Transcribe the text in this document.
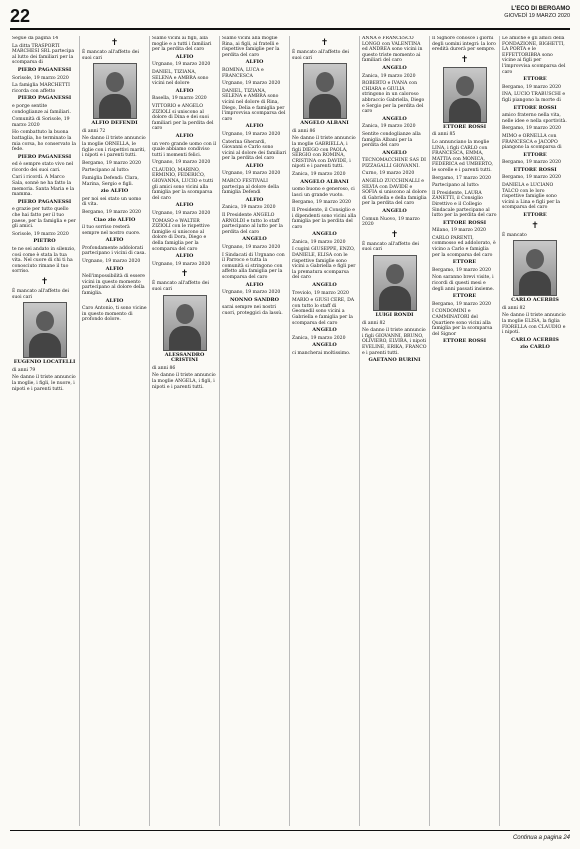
22	L'ECO DI BERGAMO
GIOVEDÌ 19 MARZO 2020

Segue da pagina 14

La ditta TRASPORTI MARCHESI SRL partecipa al lutto dei familiari per la scomparsa di

PIERO PAGANESSI

Sorisole, 19 marzo 2020

La famiglia MARCHETTI ricorda con affetto

PIERO PAGANESSI

e porge sentite condoglianze ai familiari.

Comunità di Sorisole, 19 marzo 2020

Ho combattuto la buona battaglia, ho terminato la mia corsa, ho conservato la fede.

PIERO PAGANESSI

ed è sempre stato vivo nel ricordo dei suoi cari.

Cari i ricordi. A Marco Sala, sonnè ne ha fatto la memoria. Santa Maria e la mamma.

PIERO PAGANESSI

e grazie per tutto quello che hai fatto per il tuo paese, per la famiglia e per gli amici.

Sorisole, 19 marzo 2020

PIETRO

te ne sei andato in silenzio, così come è stata la tua vita. Nel cuore di chi ti ha conosciuto rimane il tuo sorriso.

✝

È mancato all'affetto dei suoi cari

EUGENIO LOCATELLI

di anni 79

Ne danno il triste annuncio la moglie, i figli, le nuore, i nipoti e i parenti tutti.

✝

È mancato all'affetto dei suoi cari

ALFIO DEFENDI

di anni 72

Ne danno il triste annuncio la moglie ORNELLA, le figlie con i rispettivi mariti, i nipoti e i parenti tutti.

Bergamo, 19 marzo 2020

Partecipano al lutto:

Famiglia Defendi: Clara, Marina, Sergio e figli.

zio ALFIO

per noi sei stato un uomo di vita.

Bergamo, 19 marzo 2020

Ciao zio ALFIO

il tuo sorriso resterà sempre nel nostro cuore.

ALFIO

Profondamente addolorati partecipano i vicini di casa.

Urgnano, 19 marzo 2020

ALFIO

Nell'impossibilità di essere vicini in questo momento partecipano al dolore della famiglia.

ALFIO

Caro Antonio, ti sono vicine in questo momento di profondo dolore.

Siamo vicini ai figli, alla moglie e a tutti i familiari per la perdita del caro

ALFIO

Urgnano, 19 marzo 2020

DANIEL, TIZIANA, SELENA e AMBRA sono vicini nel dolore

ALFIO

Basella, 19 marzo 2020

VITTORIO e ANGELO ZIZIOLI si uniscono al dolore di Dina e dei suoi familiari per la perdita del caro

ALFIO

un vero grande uomo con il quale abbiamo condiviso tutti i momenti felici.

Urgnano, 19 marzo 2020

CLAUDIO, MARINO, ERMINIO, FEDERICO, GIOVANNA, LUCIO e tutti gli amici sono vicini alla famiglia per la scomparsa del caro

ALFIO

Urgnano, 19 marzo 2020

TOMASO e WALTER ZIZIOLI con le rispettive famiglie si uniscono al dolore di Dora, Diego e della famiglia per la scomparsa del caro

ALFIO

Urgnano, 19 marzo 2020

✝

È mancato all'affetto dei suoi cari

ALESSANDRO CRISTINI

di anni 86

Ne danno il triste annuncio la moglie ANGELA, i figli, i nipoti e i parenti tutti.

Siamo vicini alla moglie Rina, ai figli, ai fratelli e rispettive famiglie per la perdita del caro

ALFIO

ROMINA, LUCA e FRANCESCA

Urgnano, 19 marzo 2020

DANIEL, TIZIANA, SELENA e AMBRA sono vicini nel dolore di Rina, Diego, Delia e famiglia per l'improvvisa scomparsa del caro

ALFIO

Urgnano, 19 marzo 2020

Caterina Gherardi, Giovanni e Carlo sono vicini al dolore dei familiari per la perdita del caro

ALFIO

Urgnano, 19 marzo 2020

MARCO FESTIVALI partecipa al dolore della famiglia Defendi

ALFIO

Zanica, 19 marzo 2020

Il Presidente ANGELO ARNOLDI e tutto lo staff partecipano al lutto per la perdita del caro

ANGELO

Urgnano, 19 marzo 2020

I Sindacati di Urgnano con il Parroco e tutta la comunità si stringono con affetto alla famiglia per la scomparsa del caro

ALFIO

Urgnano, 19 marzo 2020

NONNO SANDRO

sarai sempre nei nostri cuori, proteggici da lassù.

✝

È mancato all'affetto dei suoi cari

ANGELO ALBANI

di anni 86

Ne danno il triste annuncio la moglie GABRIELLA, i figli DIEGO con PAOLA, SERGIO con ROMINA, CRISTINA con DAVIDE, i nipoti e i parenti tutti.

Zanica, 19 marzo 2020

ANGELO ALBANI

uomo buono e generoso, ci lasci un grande vuoto.

Bergamo, 19 marzo 2020

Il Presidente, il Consiglio e i dipendenti sono vicini alla famiglia per la perdita del caro

ANGELO

Zanica, 19 marzo 2020

I cugini GIUSEPPE, ENZO, DANIELE, ELISA con le rispettive famiglie sono vicini a Gabriella e figli per la prematura scomparsa del caro

ANGELO

Treviolo, 19 marzo 2020

MARIO e GIUSI CERE, DA con tutto lo staff di Geomedil sono vicini a Gabriella e famiglia per la scomparsa del caro

ANGELO

Zanica, 19 marzo 2020

ANGELO

ci mancherai moltissimo.

ANNA e FRANCESCO LONGO con VALENTINA ed ANDREA sono vicini in questo triste momento ai familiari del caro

ANGELO

Zanica, 19 marzo 2020

ROBERTO e IVANA con CHIARA e GIULIA stringono in un caloroso abbraccio Gabriella, Diego e Sergio per la perdita del caro

ANGELO

Zanica, 19 marzo 2020

Sentite condoglianze alla famiglia Albani per la perdita del caro

ANGELO

TECNOMACCHINE SAS DI PIZZAGALLI GIOVANNI.

Curno, 19 marzo 2020

ANGELO ZUCCHINALLI e SILVIA con DAVIDE e SOFIA si uniscono al dolore di Gabriella e della famiglia per la perdita del caro

ANGELO

Comun Nuovo, 19 marzo 2020

✝

È mancato all'affetto dei suoi cari

LUIGI RONDI

di anni 82

Ne danno il triste annuncio i figli GIOVANNI, BRUNO, OLIVIERO, ELVIRA, i nipoti EVELINE, ERIKA, FRANCO e i parenti tutti.

GAETANO BURINI

Il Signore conosce i giorni degli uomini integri: la loro eredità durerà per sempre.

✝

ETTORE ROSSI

di anni 85

Lo annunciano la moglie LINA, i figli CARLO con FRANCESCA, EMMA, MATTIA con MONICA, FEDERICA ed UMBERTO, le sorelle e i parenti tutti.

Bergamo, 17 marzo 2020

Partecipano al lutto:

Il Presidente, LAURA ZANETTI, il Consiglio Direttivo e il Collegio Sindacale partecipano al lutto per la perdita del caro

ETTORE ROSSI

Milano, 19 marzo 2020

CARLO PARENTI, commosso ed addolorato, è vicino a Carlo e famiglia per la scomparsa del caro

ETTORE

Bergamo, 19 marzo 2020

Non saranno brevi visite, i ricordi di questi mesi e degli anni passati insieme.

ETTORE

Bergamo, 19 marzo 2020

I CONDOMINI e CAMMINATORI del Quartiere sono vicini alla famiglia per la scomparsa del Signor

ETTORE ROSSI

Le amiche e gli amici della FONDAZIONE, BIGHETTI, LA PORTA e le EFFETTORIBRA sono vicine ai figli per l'improvvisa scomparsa del caro

ETTORE

Bergamo, 19 marzo 2020

INA, LUCIO TRABUSCHI e figli piangono la morte di

ETTORE ROSSI

amico fraterno nella vita, nelle idee e nella sportività.

Bergamo, 19 marzo 2020

MIMO e ORNELLA con FRANCESCA e JACOPO piangono la scomparsa di

ETTORE

Bergamo, 19 marzo 2020

ETTORE ROSSI

Bergamo, 19 marzo 2020

DANIELA e LUCIANO TALCO con le loro rispettive famiglie sono vicini a Lina e figli per la scomparsa del caro

ETTORE

✝

È mancato

CARLO ACERBIS

di anni 82

Ne danno il triste annuncio la moglie ELISA, la figlia FIORELLA con CLAUDIO e i nipoti.

CARLO ACERBIS

zio CARLO

Continua a pagina 24
